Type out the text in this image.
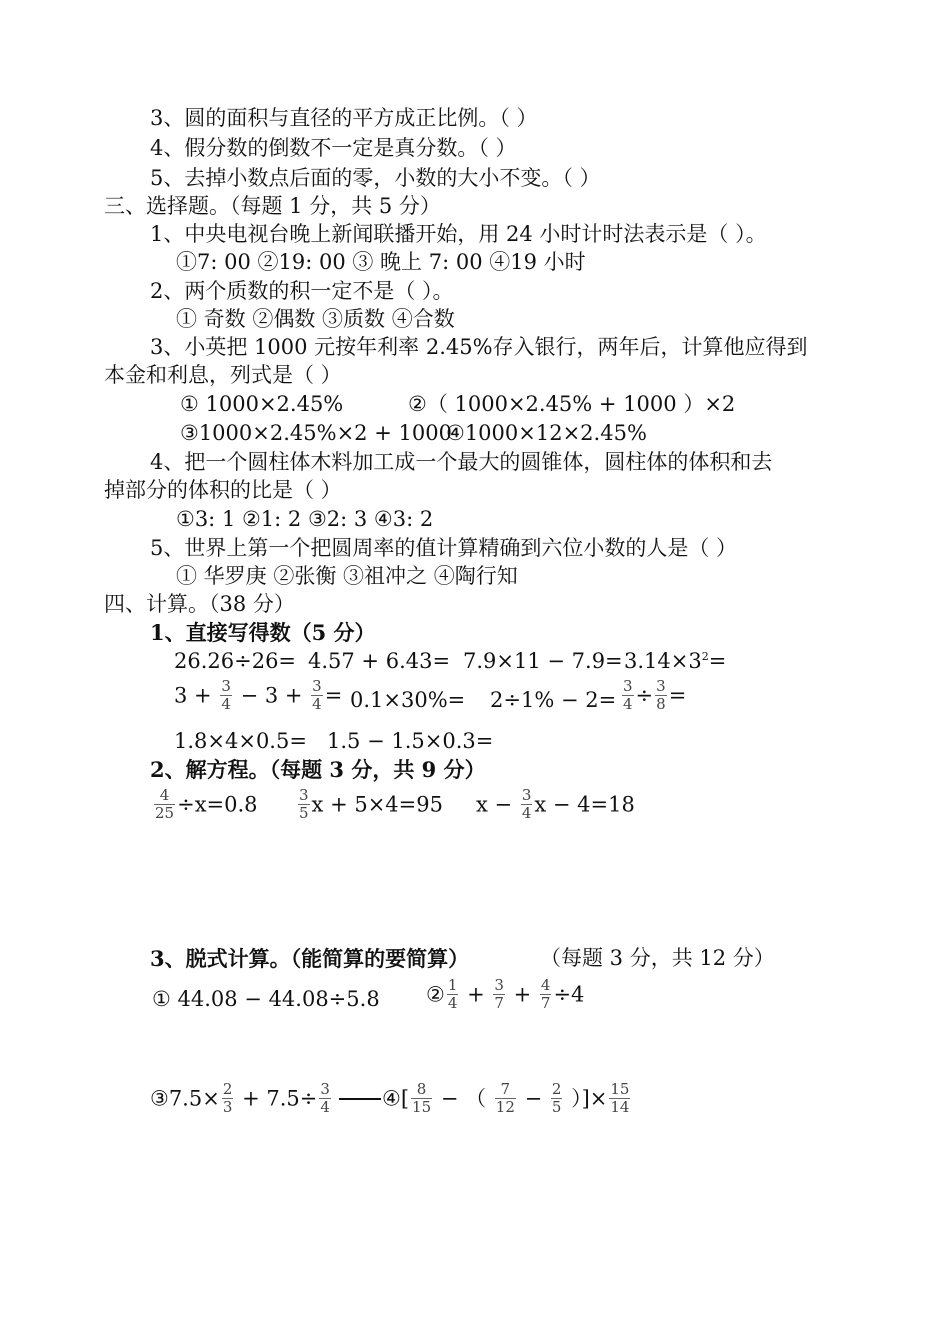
3、圆的面积与直径的平方成正比例。（ ）
4、假分数的倒数不一定是真分数。（ ）
5、去掉小数点后面的零，小数的大小不变。（ ）
三、选择题。（每题 1 分，共 5 分）
1、中央电视台晚上新闻联播开始，用 24 小时计时法表示是（ ）。
①7: 00 ②19: 00 ③ 晚上 7: 00 ④19 小时
2、两个质数的积一定不是（ ）。
① 奇数 ②偶数 ③质数 ④合数
3、小英把 1000 元按年利率 2.45%存入银行，两年后，计算他应得到
本金和利息，列式是（ ）
① 1000×2.45%	②（ 1000×2.45% + 1000 ）×2
③1000×2.45%×2 + 1000
④1000×12×2.45%
4、把一个圆柱体木料加工成一个最大的圆锥体，圆柱体的体积和去
掉部分的体积的比是（ ）
①3: 1 ②1: 2 ③2: 3 ④3: 2
5、世界上第一个把圆周率的值计算精确到六位小数的人是（ ）
① 华罗庚 ②张衡 ③祖冲之 ④陶行知
四、计算。（38 分）
1、直接写得数（5 分）
$26.26\div 26= 4.57 + 6.43= 7.9\times 11 - 7.9= 3.14\times 3^2=$
$3 + \frac{3}{4} - 3 + \frac{3}{4} = 0.1\times 30\%= 2\div 1\% - 2= \frac{3}{4} \div \frac{3}{8}$ =
1.8×4×0.5= 1.5 − 1.5×0.3=
2、解方程。（每题 3 分，共 9 分）
$\frac{4}{25} \div x=0.8$	$\frac{3}{5}$ x + 5×4=95 $x - \frac{3}{4}$ x − 4=18
3、脱式计算。（能简算的要简算）	（每题 3 分，共 12 分）
① 44.08 − 44.08÷5.8 ② $\frac{1}{4} + \frac{3}{7} + \frac{4}{7} \div 4$
③7.5× $\frac{2}{3} + 7.5\div \frac{3}{4}$ ④[ $\frac{8}{15}$ − （ $\frac{7}{12} - \frac{2}{5}$ ）]× $\frac{15}{14}$
